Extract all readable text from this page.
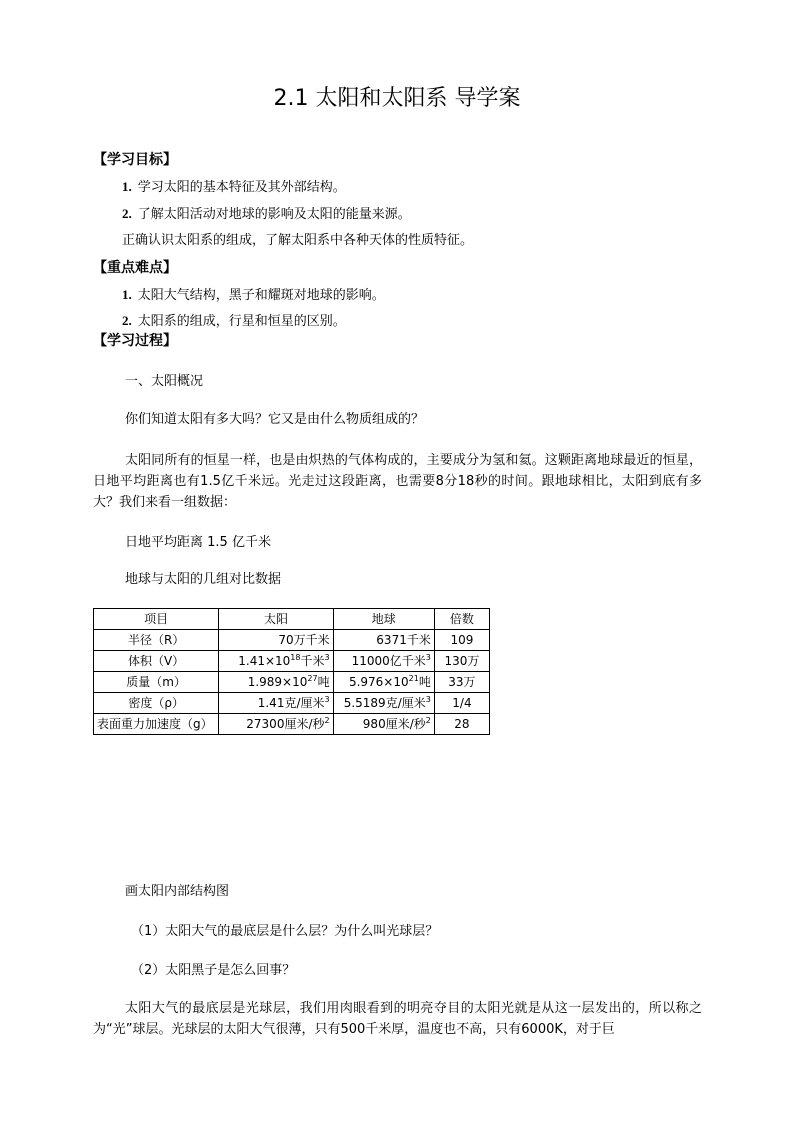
2.1 太阳和太阳系 导学案
【学习目标】
1. 学习太阳的基本特征及其外部结构。
2. 了解太阳活动对地球的影响及太阳的能量来源。
正确认识太阳系的组成，了解太阳系中各种天体的性质特征。
【重点难点】
1. 太阳大气结构，黑子和耀斑对地球的影响。
2. 太阳系的组成，行星和恒星的区别。
【学习过程】
一、太阳概况
你们知道太阳有多大吗？它又是由什么物质组成的？
太阳同所有的恒星一样，也是由炽热的气体构成的，主要成分为氢和氦。这颗距离地球最近的恒星，日地平均距离也有1.5亿千米远。光走过这段距离，也需要8分18秒的时间。跟地球相比，太阳到底有多大？我们来看一组数据：
日地平均距离 1.5 亿千米
地球与太阳的几组对比数据
项目	太阳	地球	倍数
半径（R）	70万千米	6371千米	109
体积（V）	$1.41\times 10^{18}$千米$^3$	11000亿千米$^3$	130万
质量（m）	$1.989\times 10^{27}$吨	$5.976\times 10^{21}$吨	33万
密度（ρ）	1.41克/厘米$^3$	5.5189克/厘米$^3$	1/4
表面重力加速度（g）	27300厘米/秒$^2$	980厘米/秒$^2$	28
画太阳内部结构图
（1）太阳大气的最底层是什么层？为什么叫光球层？
（2）太阳黑子是怎么回事？
太阳大气的最底层是光球层，我们用肉眼看到的明亮夺目的太阳光就是从这一层发出的，所以称之为“光”球层。光球层的太阳大气很薄，只有500千米厚，温度也不高，只有6000K，对于巨
